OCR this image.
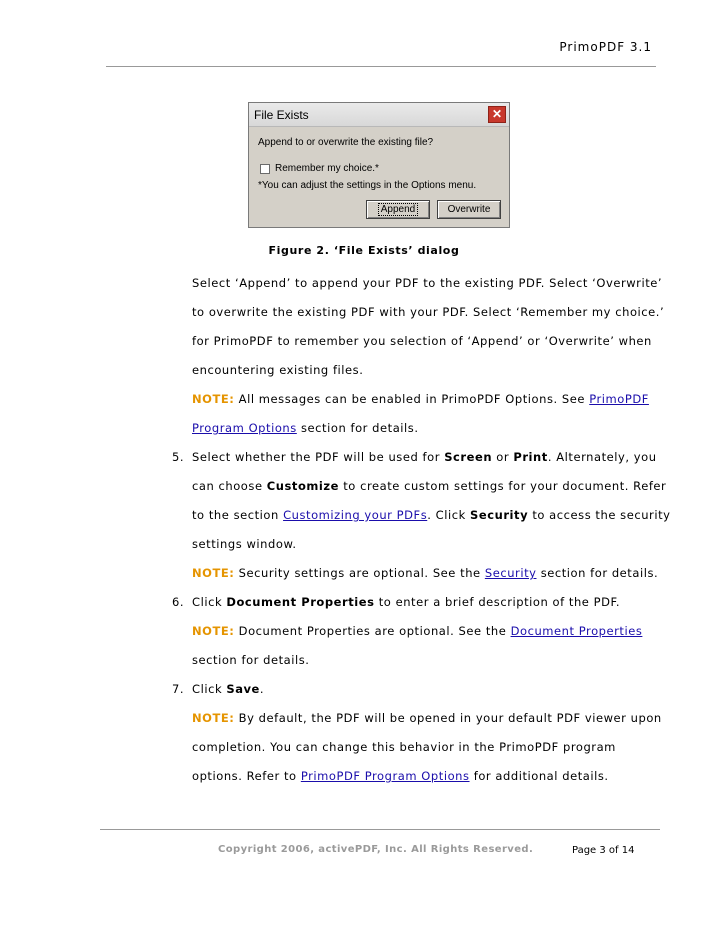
PrimoPDF 3.1
File Exists	✕
Append to or overwrite the existing file?
Remember my choice.*
*You can adjust the settings in the Options menu.
Append	Overwrite
Figure 2. ‘File Exists’ dialog
Select ‘Append’ to append your PDF to the existing PDF. Select ‘Overwrite’
to overwrite the existing PDF with your PDF. Select ‘Remember my choice.’
for PrimoPDF to remember you selection of ‘Append’ or ‘Overwrite’ when
encountering existing files.
NOTE: All messages can be enabled in PrimoPDF Options. See PrimoPDF
Program Options section for details.
5. Select whether the PDF will be used for Screen or Print. Alternately, you
can choose Customize to create custom settings for your document. Refer
to the section Customizing your PDFs. Click Security to access the security
settings window.
NOTE: Security settings are optional. See the Security section for details.
6. Click Document Properties to enter a brief description of the PDF.
NOTE: Document Properties are optional. See the Document Properties
section for details.
7. Click Save.
NOTE: By default, the PDF will be opened in your default PDF viewer upon
completion. You can change this behavior in the PrimoPDF program
options. Refer to PrimoPDF Program Options for additional details.
Copyright 2006, activePDF, Inc. All Rights Reserved.	Page 3 of 14
